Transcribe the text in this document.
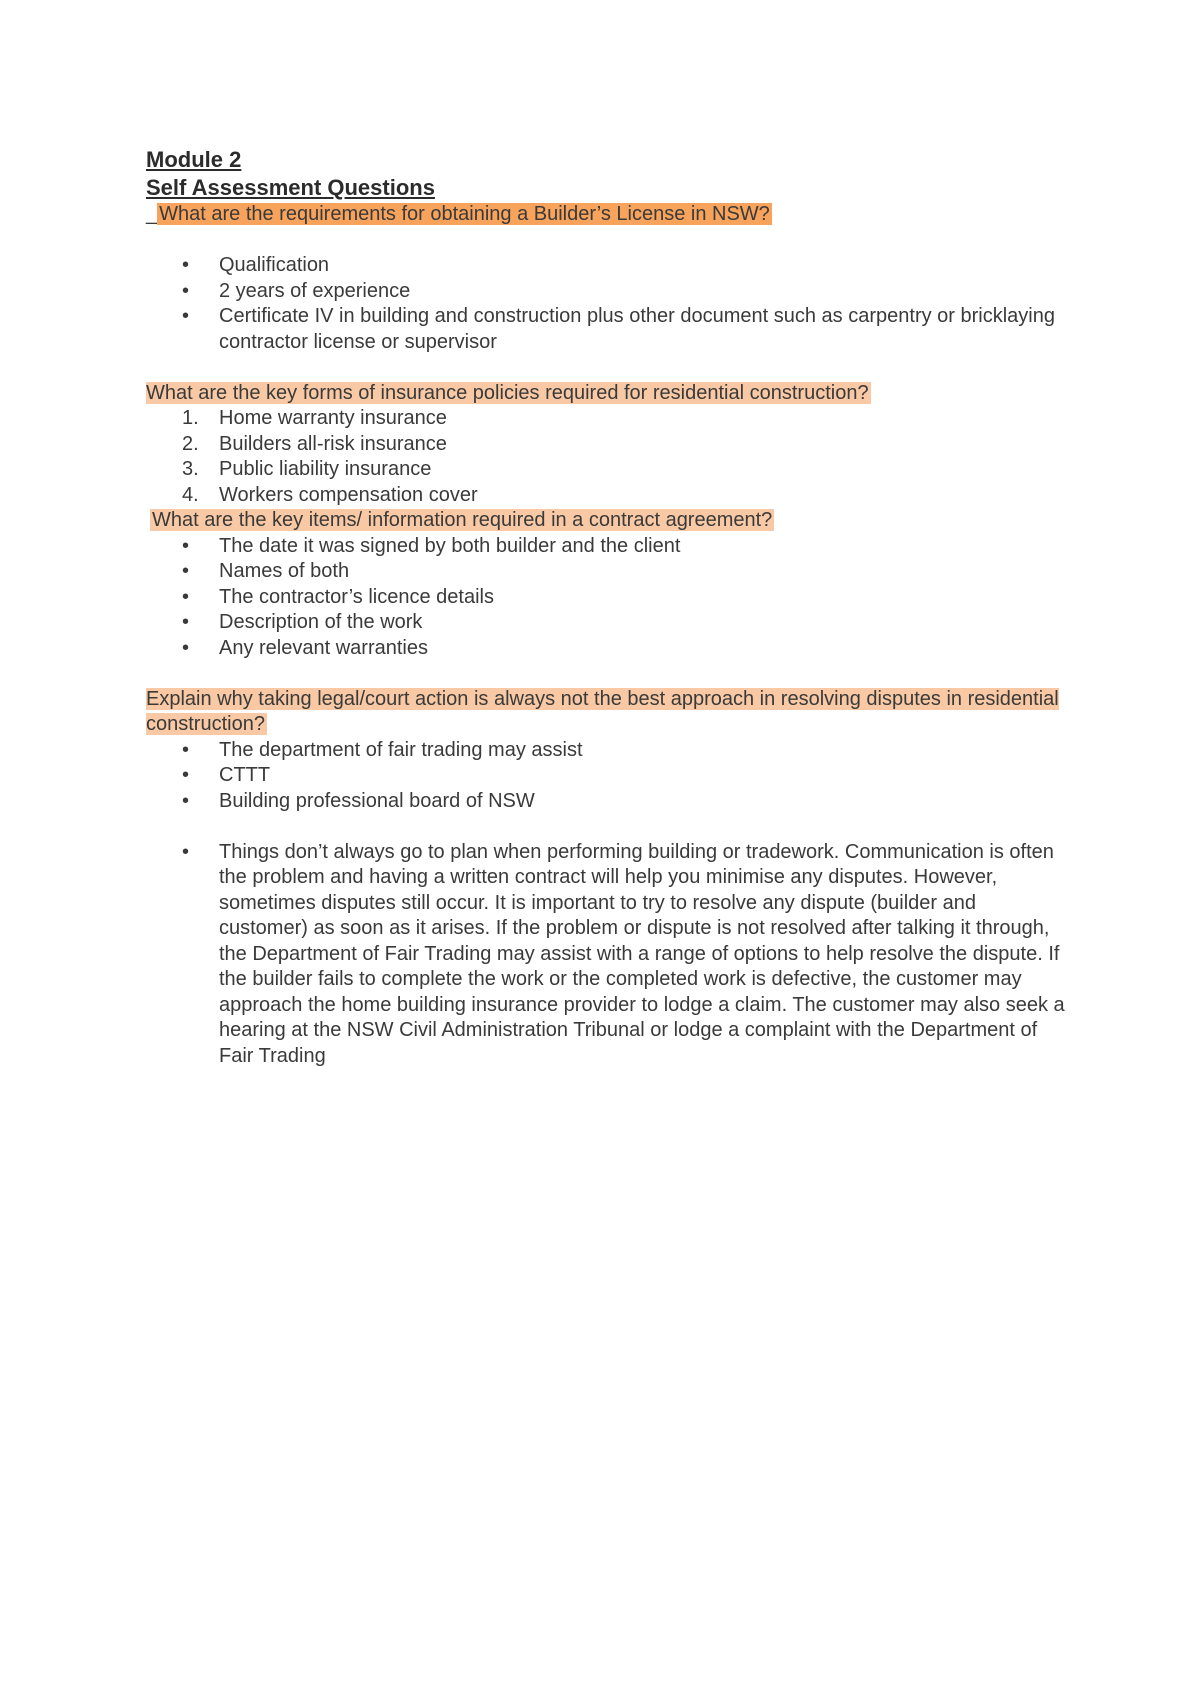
Module 2

Self Assessment Questions

_ What are the requirements for obtaining a Builder’s License in NSW?

• Qualification
• 2 years of experience
• Certificate IV in building and construction plus other document such as carpentry or bricklaying contractor license or supervisor

What are the key forms of insurance policies required for residential construction?

1. Home warranty insurance
2. Builders all-risk insurance
3. Public liability insurance
4. Workers compensation cover

What are the key items/ information required in a contract agreement?

• The date it was signed by both builder and the client
• Names of both
• The contractor’s licence details
• Description of the work
• Any relevant warranties

Explain why taking legal/court action is always not the best approach in resolving disputes in residential construction?

• The department of fair trading may assist
• CTTT
• Building professional board of NSW
• Things don’t always go to plan when performing building or tradework. Communication is often the problem and having a written contract will help you minimise any disputes. However, sometimes disputes still occur. It is important to try to resolve any dispute (builder and customer) as soon as it arises. If the problem or dispute is not resolved after talking it through, the Department of Fair Trading may assist with a range of options to help resolve the dispute. If the builder fails to complete the work or the completed work is defective, the customer may approach the home building insurance provider to lodge a claim. The customer may also seek a hearing at the NSW Civil Administration Tribunal or lodge a complaint with the Department of Fair Trading
